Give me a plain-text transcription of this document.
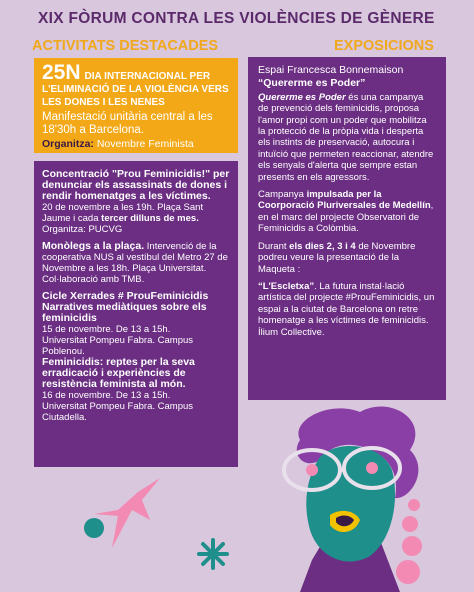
XIX FÒRUM CONTRA LES VIOLÈNCIES DE GÈNERE
ACTIVITATS DESTACADES	EXPOSICIONS
25N DIA INTERNACIONAL PER
L'ELIMINACIÓ DE LA VIOLÈNCIA VERS
LES DONES I LES NENES
Manifestació unitària central a les 18'30h a Barcelona.
Organitza: Novembre Feminista

Concentració "Prou Feminicidis!" per denunciar els assassinats de dones i rendir homenatges a les víctimes.

20 de novembre a les 19h. Plaça Sant Jaume i cada tercer dilluns de mes.

Organitza: PUCVG

Monòlegs a la plaça. Intervenció de la cooperativa NUS al vestíbul del Metro 27 de Novembre a les 18h. Plaça Universitat. Col·laboració amb TMB.

Cicle Xerrades # ProuFeminicidis Narratives mediàtiques sobre els feminicidis

15 de novembre. De 13 a 15h.

Universitat Pompeu Fabra. Campus Poblenou.

Feminicidis: reptes per la seva erradicació i experiències de resistència feminista al món.

16 de novembre. De 13 a 15h.

Universitat Pompeu Fabra. Campus Ciutadella.

Espai Francesca Bonnemaison

“Quererme es Poder”

Quererme es Poder és una campanya de prevenció dels feminicidis, proposa l'amor propi com un poder que mobilitza la protecció de la pròpia vida i desperta els instints de preservació, autocura i intuïció que permeten reaccionar, atendre els senyals d'alerta que sempre estan presents en els agressors.

Campanya impulsada per la Coorporació Pluriversales de Medellín, en el marc del projecte Observatori de Feminicidis a Colòmbia.

Durant els dies 2, 3 i 4 de Novembre podreu veure la presentació de la Maqueta :

“L'Escletxa”. La futura instal·lació artística del projecte #ProuFeminicidis, un espai a la ciutat de Barcelona on retre homenatge a les víctimes de feminicidis. Ílium Collective.
